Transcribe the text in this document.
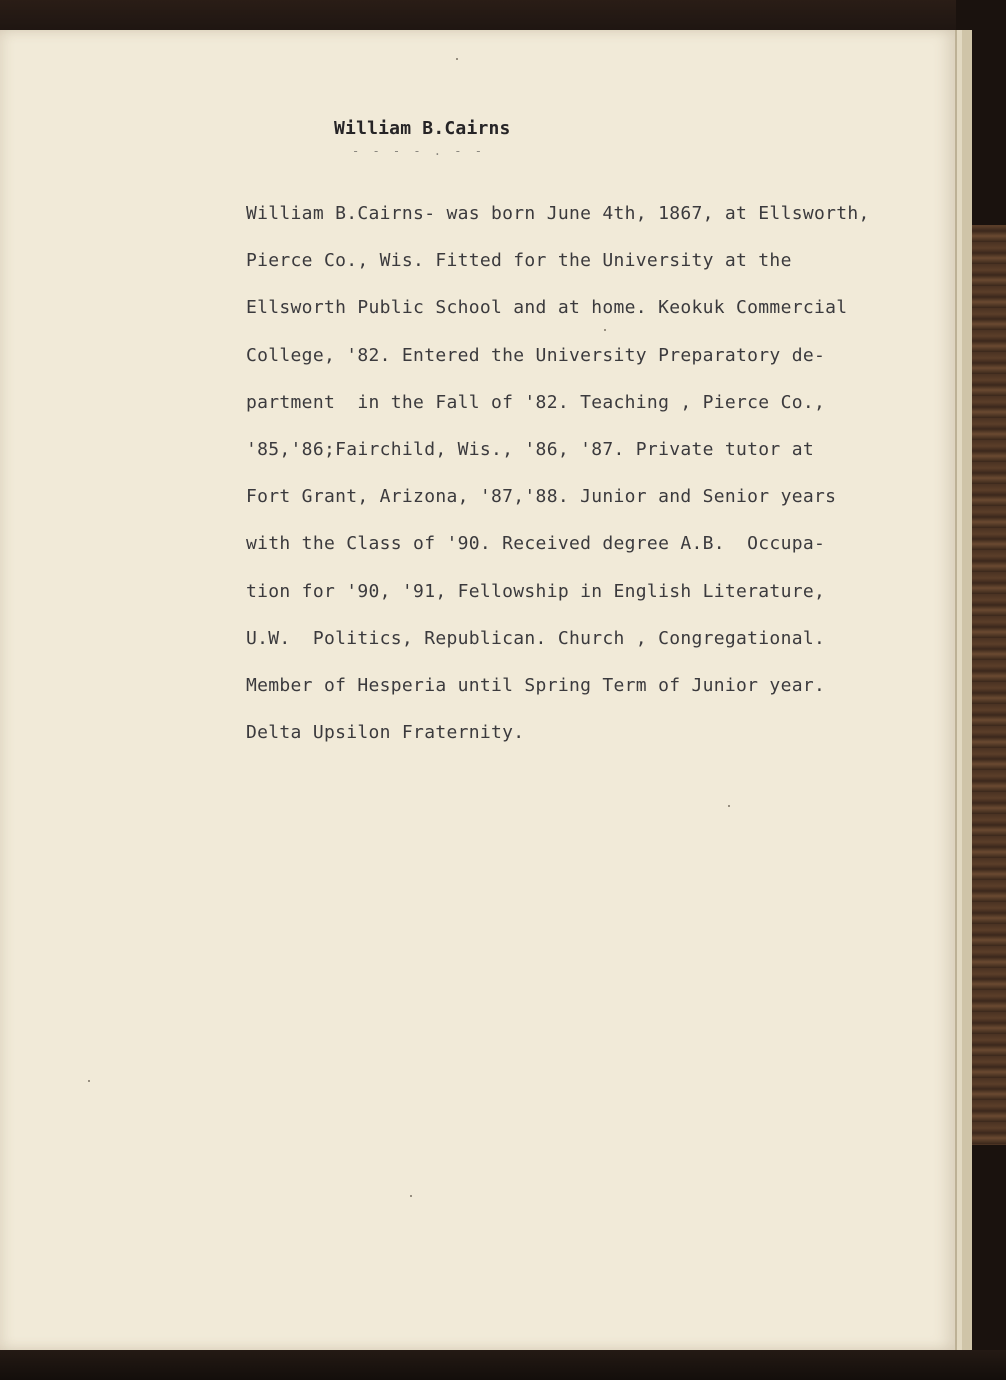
William B.Cairns
- - - - . - -
William B.Cairns- was born June 4th, 1867, at Ellsworth,
Pierce Co., Wis. Fitted for the University at the
Ellsworth Public School and at home. Keokuk Commercial
College, '82. Entered the University Preparatory de-
partment  in the Fall of '82. Teaching , Pierce Co.,
'85,'86;Fairchild, Wis., '86, '87. Private tutor at
Fort Grant, Arizona, '87,'88. Junior and Senior years
with the Class of '90. Received degree A.B.  Occupa-
tion for '90, '91, Fellowship in English Literature,
U.W.  Politics, Republican. Church , Congregational.
Member of Hesperia until Spring Term of Junior year.
Delta Upsilon Fraternity.
